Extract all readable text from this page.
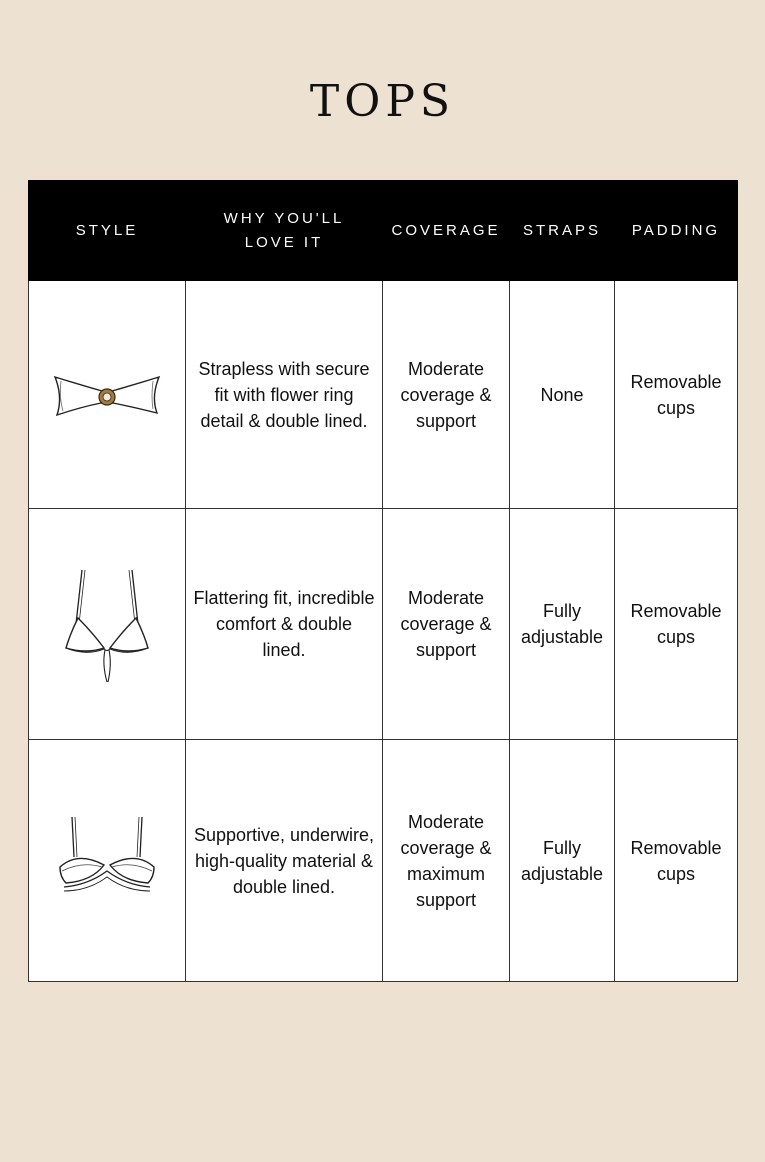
TOPS
STYLE	WHY YOU'LL LOVE IT	COVERAGE	STRAPS	PADDING

	Strapless with secure fit with flower ring detail & double lined.	Moderate coverage & support	None	Removable cups

	Flattering fit, incredible comfort & double lined.	Moderate coverage & support	Fully adjustable	Removable cups

	Supportive, underwire, high-quality material & double lined.	Moderate coverage & maximum support	Fully adjustable	Removable cups
